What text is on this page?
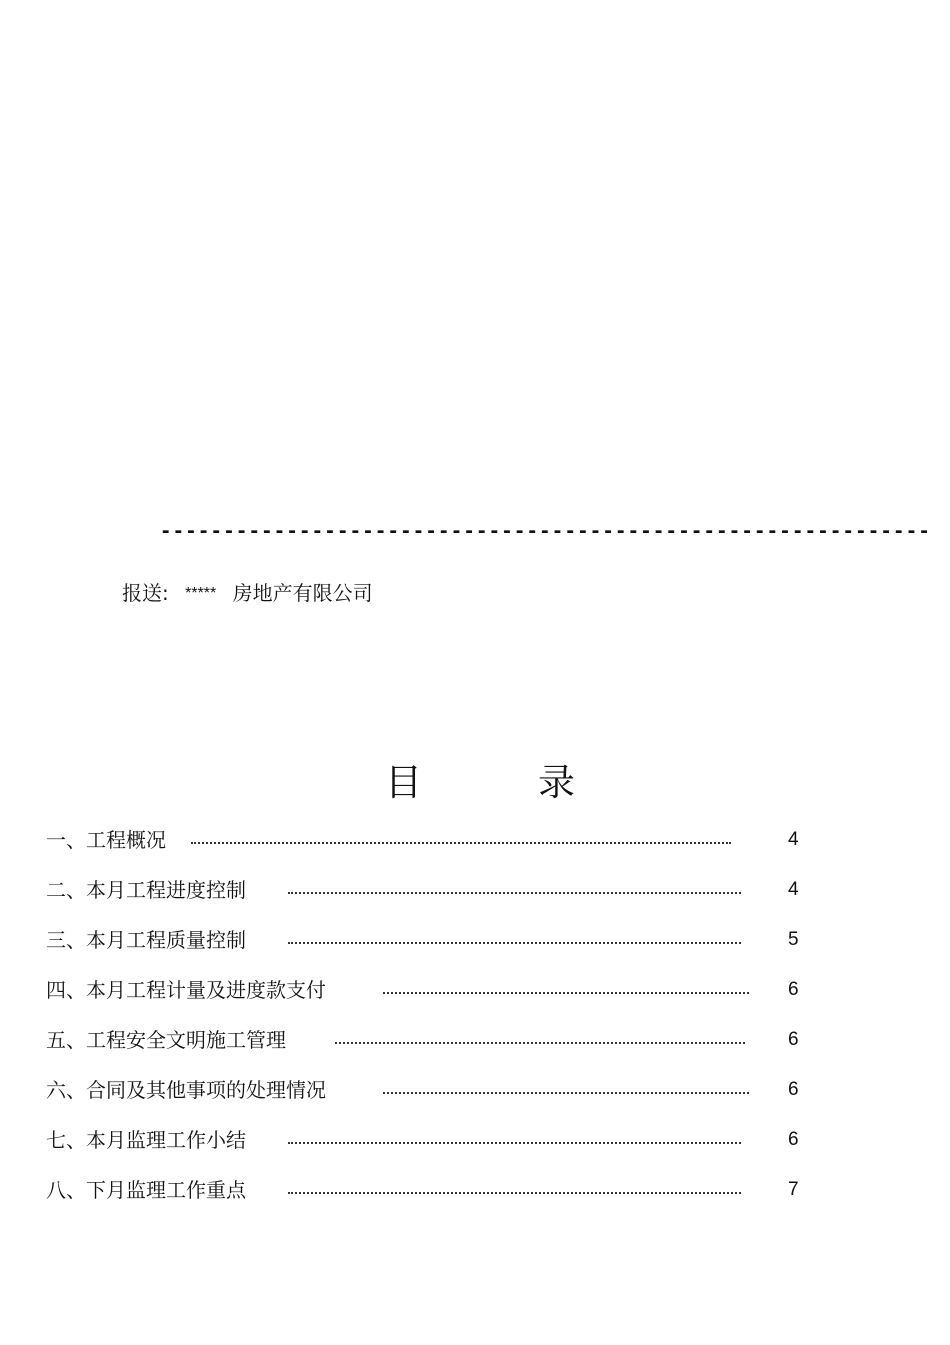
-------------------------------------------------------------
报送: ***** 房地产有限公司
目	录
一、工程概况	4
二、本月工程进度控制	4
三、本月工程质量控制	5
四、本月工程计量及进度款支付	6
五、工程安全文明施工管理	6
六、合同及其他事项的处理情况	6
七、本月监理工作小结	6
八、下月监理工作重点	7
